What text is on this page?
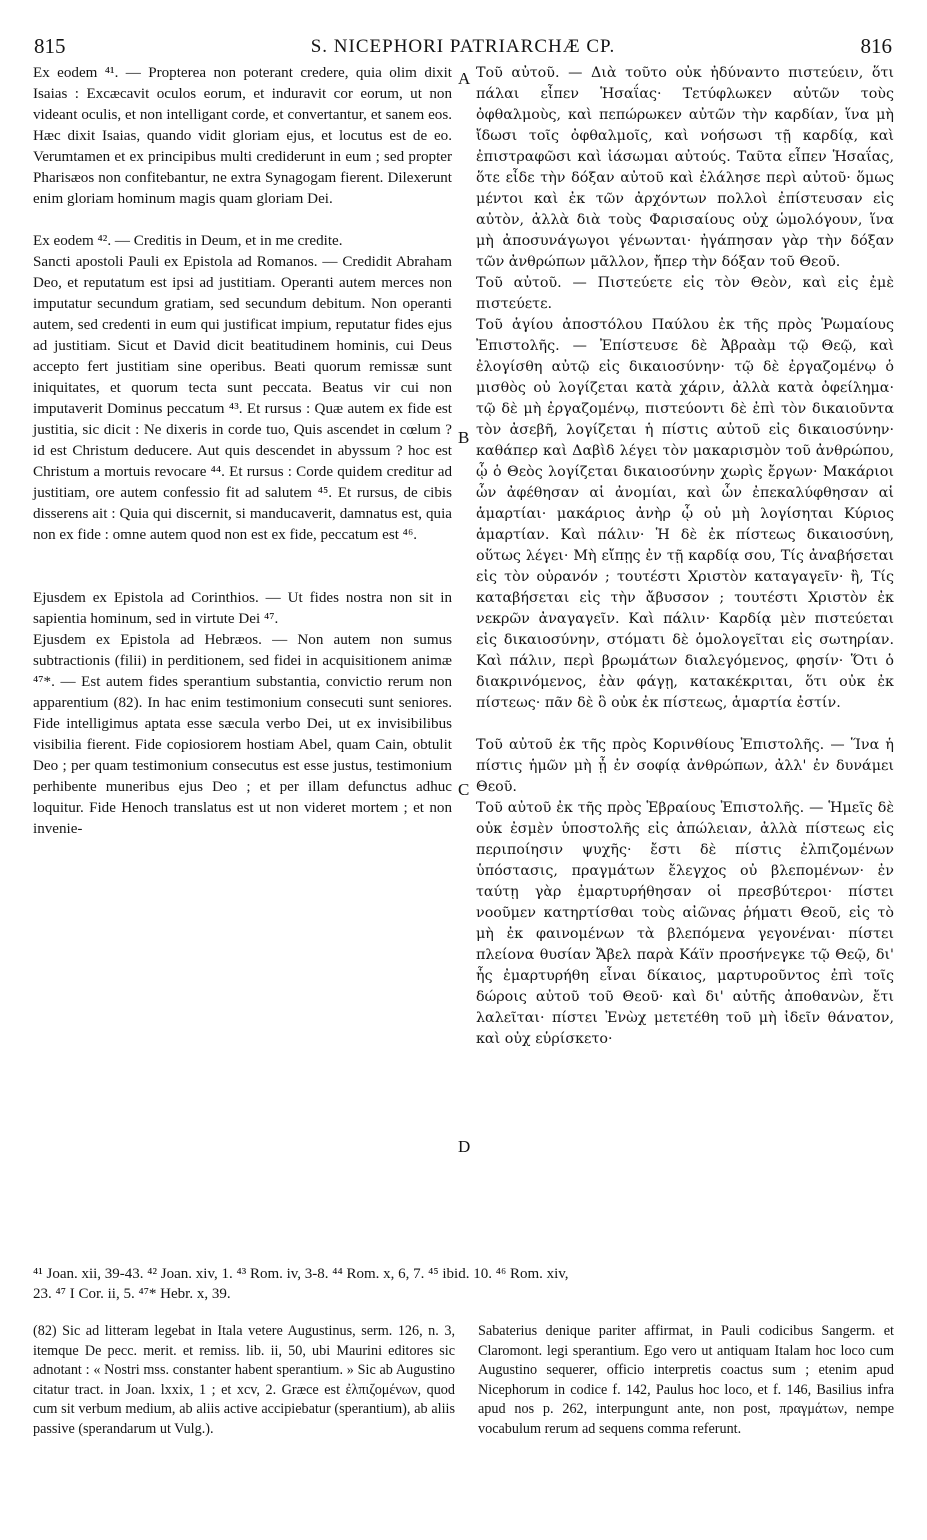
815	S. NICEPHORI PATRIARCHÆ CP.	816

Ex eodem ⁴¹. — Propterea non poterant credere, quia olim dixit Isaias : Excæcavit oculos eorum, et induravit cor eorum, ut non videant oculis, et non intelligant corde, et convertantur, et sanem eos. Hæc dixit Isaias, quando vidit gloriam ejus, et locutus est de eo. Verumtamen et ex principibus multi crediderunt in eum ; sed propter Pharisæos non confitebantur, ne extra Synagogam fierent. Dilexerunt enim gloriam hominum magis quam gloriam Dei.

Ex eodem ⁴². — Creditis in Deum, et in me credite.

Sancti apostoli Pauli ex Epistola ad Romanos. — Credidit Abraham Deo, et reputatum est ipsi ad justitiam. Operanti autem merces non imputatur secundum gratiam, sed secundum debitum. Non operanti autem, sed credenti in eum qui justificat impium, reputatur fides ejus ad justitiam. Sicut et David dicit beatitudinem hominis, cui Deus accepto fert justitiam sine operibus. Beati quorum remissæ sunt iniquitates, et quorum tecta sunt peccata. Beatus vir cui non imputaverit Dominus peccatum ⁴³. Et rursus : Quæ autem ex fide est justitia, sic dicit : Ne dixeris in corde tuo, Quis ascendet in cœlum ? id est Christum deducere. Aut quis descendet in abyssum ? hoc est Christum a mortuis revocare ⁴⁴. Et rursus : Corde quidem creditur ad justitiam, ore autem confessio fit ad salutem ⁴⁵. Et rursus, de cibis disserens ait : Quia qui discernit, si manducaverit, damnatus est, quia non ex fide : omne autem quod non est ex fide, peccatum est ⁴⁶.

Ejusdem ex Epistola ad Corinthios. — Ut fides nostra non sit in sapientia hominum, sed in virtute Dei ⁴⁷.

Ejusdem ex Epistola ad Hebræos. — Non autem non sumus subtractionis (filii) in perditionem, sed fidei in acquisitionem animæ ⁴⁷*. — Est autem fides sperantium substantia, convictio rerum non apparentium (82). In hac enim testimonium consecuti sunt seniores. Fide intelligimus aptata esse sæcula verbo Dei, ut ex invisibilibus visibilia fierent. Fide copiosiorem hostiam Abel, quam Cain, obtulit Deo ; per quam testimonium consecutus est esse justus, testimonium perhibente muneribus ejus Deo ; et per illam defunctus adhuc loquitur. Fide Henoch translatus est ut non videret mortem ; et non invenie-

Τοῦ αὐτοῦ. — Διὰ τοῦτο οὐκ ἠδύναντο πιστεύειν, ὅτι πάλαι εἶπεν Ἡσαΐας· Τετύφλωκεν αὐτῶν τοὺς ὀφθαλμοὺς, καὶ πεπώρωκεν αὐτῶν τὴν καρδίαν, ἵνα μὴ ἴδωσι τοῖς ὀφθαλμοῖς, καὶ νοήσωσι τῇ καρδίᾳ, καὶ ἐπιστραφῶσι καὶ ἰάσωμαι αὐτούς. Ταῦτα εἶπεν Ἡσαΐας, ὅτε εἶδε τὴν δόξαν αὐτοῦ καὶ ἐλάλησε περὶ αὐτοῦ· ὅμως μέντοι καὶ ἐκ τῶν ἀρχόντων πολλοὶ ἐπίστευσαν εἰς αὐτὸν, ἀλλὰ διὰ τοὺς Φαρισαίους οὐχ ὡμολόγουν, ἵνα μὴ ἀποσυνάγωγοι γένωνται· ἠγάπησαν γὰρ τὴν δόξαν τῶν ἀνθρώπων μᾶλλον, ἤπερ τὴν δόξαν τοῦ Θεοῦ.

Τοῦ αὐτοῦ. — Πιστεύετε εἰς τὸν Θεὸν, καὶ εἰς ἐμὲ πιστεύετε.

Τοῦ ἁγίου ἀποστόλου Παύλου ἐκ τῆς πρὸς Ῥωμαίους Ἐπιστολῆς. — Ἐπίστευσε δὲ Ἀβραὰμ τῷ Θεῷ, καὶ ἐλογίσθη αὐτῷ εἰς δικαιοσύνην· τῷ δὲ ἐργαζομένῳ ὁ μισθὸς οὐ λογίζεται κατὰ χάριν, ἀλλὰ κατὰ ὀφείλημα· τῷ δὲ μὴ ἐργαζομένῳ, πιστεύοντι δὲ ἐπὶ τὸν δικαιοῦντα τὸν ἀσεβῆ, λογίζεται ἡ πίστις αὐτοῦ εἰς δικαιοσύνην· καθάπερ καὶ Δαβὶδ λέγει τὸν μακαρισμὸν τοῦ ἀνθρώπου, ᾧ ὁ Θεὸς λογίζεται δικαιοσύνην χωρὶς ἔργων· Μακάριοι ὧν ἀφέθησαν αἱ ἀνομίαι, καὶ ὧν ἐπεκαλύφθησαν αἱ ἁμαρτίαι· μακάριος ἀνὴρ ᾧ οὐ μὴ λογίσηται Κύριος ἁμαρτίαν. Καὶ πάλιν· Ἡ δὲ ἐκ πίστεως δικαιοσύνη, οὕτως λέγει· Μὴ εἴπῃς ἐν τῇ καρδίᾳ σου, Τίς ἀναβήσεται εἰς τὸν οὐρανόν ; τουτέστι Χριστὸν καταγαγεῖν· ἢ, Τίς καταβήσεται εἰς τὴν ἄβυσσον ; τουτέστι Χριστὸν ἐκ νεκρῶν ἀναγαγεῖν. Καὶ πάλιν· Καρδίᾳ μὲν πιστεύεται εἰς δικαιοσύνην, στόματι δὲ ὁμολογεῖται εἰς σωτηρίαν. Καὶ πάλιν, περὶ βρωμάτων διαλεγόμενος, φησίν· Ὅτι ὁ διακρινόμενος, ἐὰν φάγῃ, κατακέκριται, ὅτι οὐκ ἐκ πίστεως· πᾶν δὲ ὃ οὐκ ἐκ πίστεως, ἁμαρτία ἐστίν.

Τοῦ αὐτοῦ ἐκ τῆς πρὸς Κορινθίους Ἐπιστολῆς. — Ἵνα ἡ πίστις ἡμῶν μὴ ᾖ ἐν σοφίᾳ ἀνθρώπων, ἀλλ' ἐν δυνάμει Θεοῦ.

Τοῦ αὐτοῦ ἐκ τῆς πρὸς Ἑβραίους Ἐπιστολῆς. — Ἡμεῖς δὲ οὐκ ἐσμὲν ὑποστολῆς εἰς ἀπώλειαν, ἀλλὰ πίστεως εἰς περιποίησιν ψυχῆς· ἔστι δὲ πίστις ἐλπιζομένων ὑπόστασις, πραγμάτων ἔλεγχος οὐ βλεπομένων· ἐν ταύτῃ γὰρ ἐμαρτυρήθησαν οἱ πρεσβύτεροι· πίστει νοοῦμεν κατηρτίσθαι τοὺς αἰῶνας ῥήματι Θεοῦ, εἰς τὸ μὴ ἐκ φαινομένων τὰ βλεπόμενα γεγονέναι· πίστει πλείονα θυσίαν Ἄβελ παρὰ Κάϊν προσήνεγκε τῷ Θεῷ, δι' ἧς ἐμαρτυρήθη εἶναι δίκαιος, μαρτυροῦντος ἐπὶ τοῖς δώροις αὐτοῦ τοῦ Θεοῦ· καὶ δι' αὐτῆς ἀποθανὼν, ἔτι λαλεῖται· πίστει Ἐνὼχ μετετέθη τοῦ μὴ ἰδεῖν θάνατον, καὶ οὐχ εὑρίσκετο·

A
B
C
D

⁴¹ Joan. xii, 39-43. ⁴² Joan. xiv, 1. ⁴³ Rom. iv, 3-8. ⁴⁴ Rom. x, 6, 7. ⁴⁵ ibid. 10. ⁴⁶ Rom. xiv,

23. ⁴⁷ I Cor. ii, 5. ⁴⁷* Hebr. x, 39.

(82) Sic ad litteram legebat in Itala vetere Augustinus, serm. 126, n. 3, itemque De pecc. merit. et remiss. lib. ii, 50, ubi Maurini editores sic adnotant : « Nostri mss. constanter habent sperantium. » Sic ab Augustino citatur tract. in Joan. lxxix, 1 ; et xcv, 2. Græce est ἐλπιζομένων, quod cum sit verbum medium, ab aliis active accipiebatur (sperantium), ab aliis passive (sperandarum ut Vulg.).

Sabaterius denique pariter affirmat, in Pauli codicibus Sangerm. et Claromont. legi sperantium. Ego vero ut antiquam Italam hoc loco cum Augustino sequerer, officio interpretis coactus sum ; etenim apud Nicephorum in codice f. 142, Paulus hoc loco, et f. 146, Basilius infra apud nos p. 262, interpungunt ante, non post, πραγμάτων, nempe vocabulum rerum ad sequens comma referunt.
